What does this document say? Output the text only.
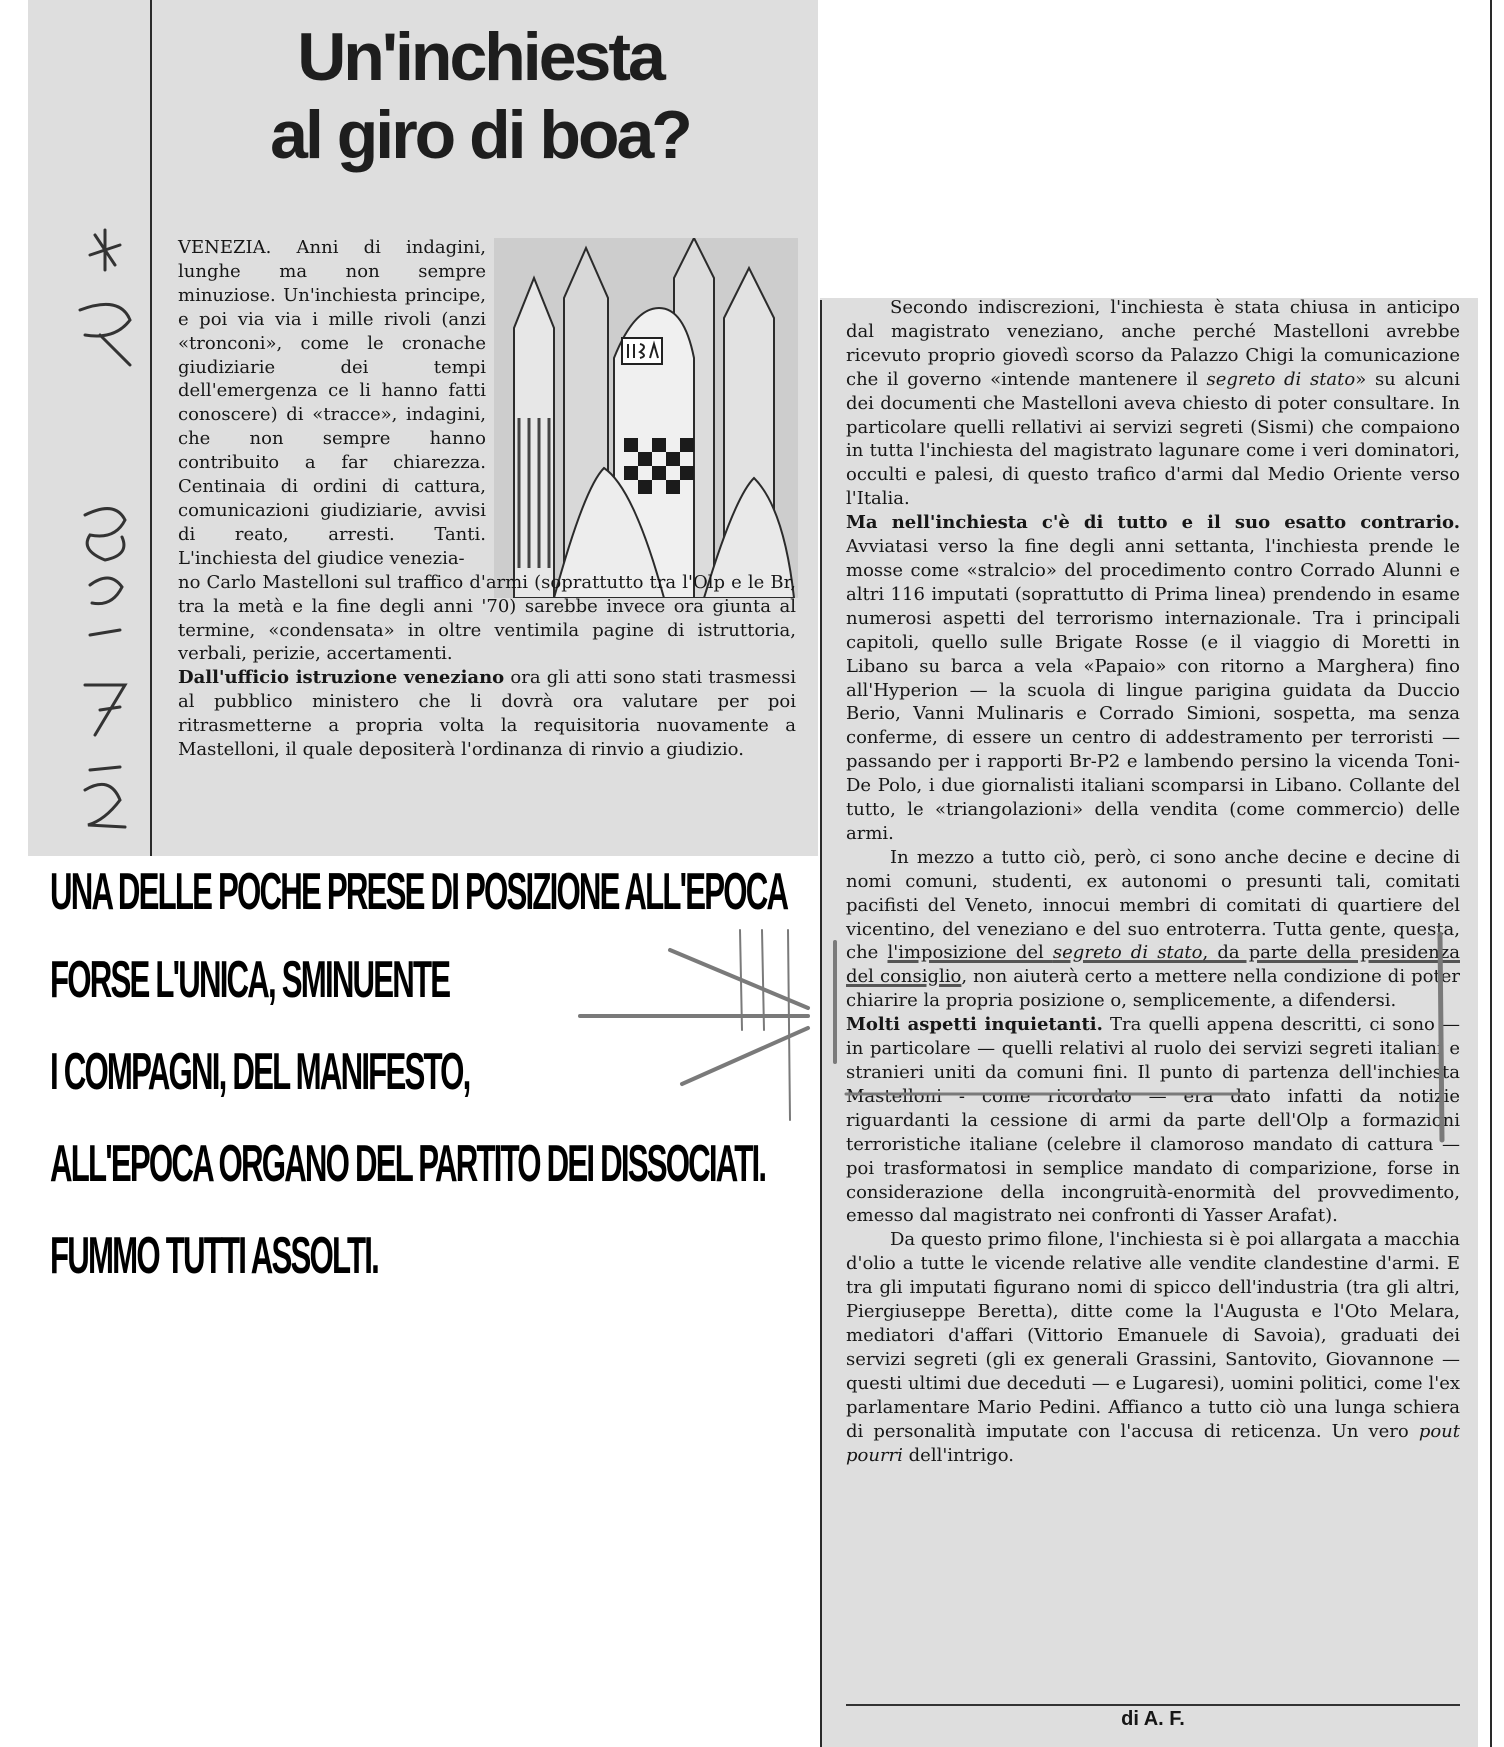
Un'inchiesta
al giro di boa?

VENEZIA. Anni di indagini, lunghe ma non sempre minuziose. Un'inchiesta principe, e poi via via i mille rivoli (anzi «tronconi», come le cronache giudiziarie dei tempi dell'emergenza ce li hanno fatti conoscere) di «tracce», indagini, che non sempre hanno contribuito a far chiarezza. Centinaia di ordini di cattura, comunicazioni giudiziarie, avvisi di reato, arresti. Tanti. L'inchiesta del giudice venezia-

no Carlo Mastelloni sul traffico d'armi (soprattutto tra l'Olp e le Br, tra la metà e la fine degli anni '70) sarebbe invece ora giunta al termine, «condensata» in oltre ventimila pagine di istruttoria, verbali, perizie, accertamenti.

Dall'ufficio istruzione veneziano ora gli atti sono stati trasmessi al pubblico ministero che li dovrà ora valutare per poi ritrasmetterne a propria volta la requisitoria nuovamente a Mastelloni, il quale depositerà l'ordinanza di rinvio a giudizio.

Secondo indiscrezioni, l'inchiesta è stata chiusa in anticipo dal magistrato veneziano, anche perché Mastelloni avrebbe ricevuto proprio giovedì scorso da Palazzo Chigi la comunicazione che il governo «intende mantenere il segreto di stato» su alcuni dei documenti che Mastelloni aveva chiesto di poter consultare. In particolare quelli rellativi ai servizi segreti (Sismi) che compaiono in tutta l'inchiesta del magistrato lagunare come i veri dominatori, occulti e palesi, di questo trafico d'armi dal Medio Oriente verso l'Italia.

Ma nell'inchiesta c'è di tutto e il suo esatto contrario. Avviatasi verso la fine degli anni settanta, l'inchiesta prende le mosse come «stralcio» del procedimento contro Corrado Alunni e altri 116 imputati (soprattutto di Prima linea) prendendo in esame numerosi aspetti del terrorismo internazionale. Tra i principali capitoli, quello sulle Brigate Rosse (e il viaggio di Moretti in Libano su barca a vela «Papaio» con ritorno a Marghera) fino all'Hyperion — la scuola di lingue parigina guidata da Duccio Berio, Vanni Mulinaris e Corrado Simioni, sospetta, ma senza conferme, di essere un centro di addestramento per terroristi — passando per i rapporti Br-P2 e lambendo persino la vicenda Toni-De Polo, i due giornalisti italiani scomparsi in Libano. Collante del tutto, le «triangolazioni» della vendita (come commercio) delle armi.

In mezzo a tutto ciò, però, ci sono anche decine e decine di nomi comuni, studenti, ex autonomi o presunti tali, comitati pacifisti del Veneto, innocui membri di comitati di quartiere del vicentino, del veneziano e del suo entroterra. Tutta gente, questa, che l'imposizione del segreto di stato, da parte della presidenza del consiglio, non aiuterà certo a mettere nella condizione di poter chiarire la propria posizione o, semplicemente, a difendersi.

Molti aspetti inquietanti. Tra quelli appena descritti, ci sono — in particolare — quelli relativi al ruolo dei servizi segreti italiani e stranieri uniti da comuni fini. Il punto di partenza dell'inchiesta Mastelloni - come ricordato — era dato infatti da notizie riguardanti la cessione di armi da parte dell'Olp a formazioni terroristiche italiane (celebre il clamoroso mandato di cattura — poi trasformatosi in semplice mandato di comparizione, forse in considerazione della incongruità-enormità del provvedimento, emesso dal magistrato nei confronti di Yasser Arafat).

Da questo primo filone, l'inchiesta si è poi allargata a macchia d'olio a tutte le vicende relative alle vendite clandestine d'armi. E tra gli imputati figurano nomi di spicco dell'industria (tra gli altri, Piergiuseppe Beretta), ditte come la l'Augusta e l'Oto Melara, mediatori d'affari (Vittorio Emanuele di Savoia), graduati dei servizi segreti (gli ex generali Grassini, Santovito, Giovannone — questi ultimi due deceduti — e Lugaresi), uomini politici, come l'ex parlamentare Mario Pedini. Affianco a tutto ciò una lunga schiera di personalità imputate con l'accusa di reticenza. Un vero pout pourri dell'intrigo.

di A. F.
UNA DELLE POCHE PRESE DI POSIZIONE ALL'EPOCA
FORSE L'UNICA, SMINUENTE
I COMPAGNI, DEL MANIFESTO,
ALL'EPOCA ORGANO DEL PARTITO DEI DISSOCIATI.
FUMMO TUTTI ASSOLTI.
